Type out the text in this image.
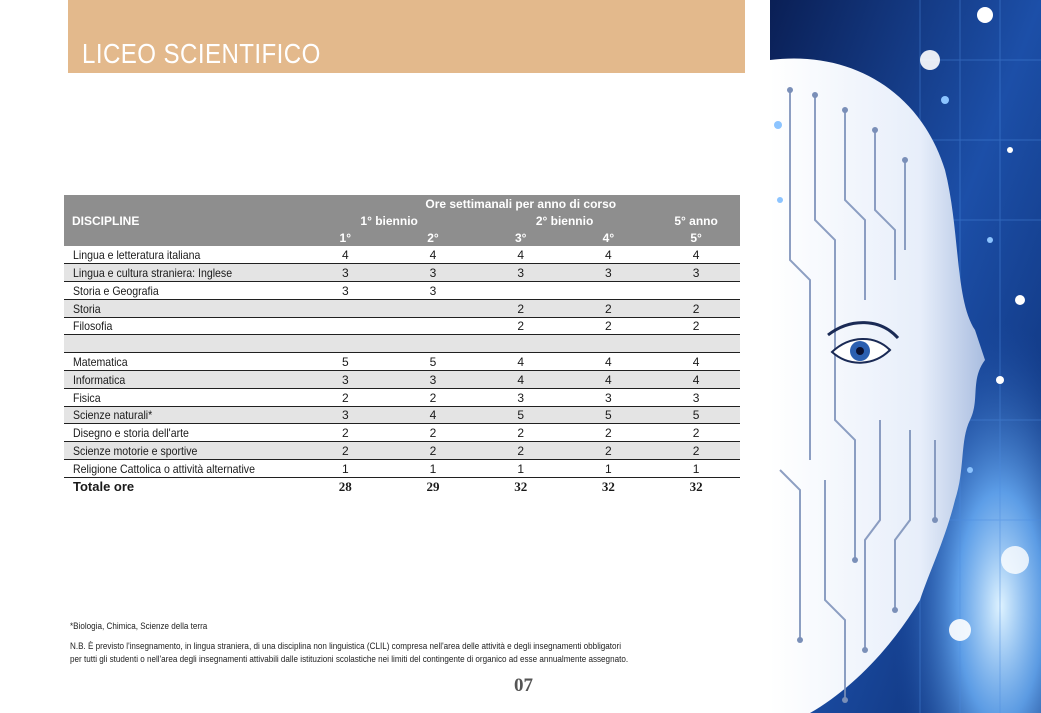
LICEO SCIENTIFICO
DISCIPLINE	Ore settimanali per anno di corso				
	1° biennio		2° biennio		5° anno
	1°	2°	3°	4°	5°
Lingua e letteratura italiana	4	4	4	4	4
Lingua e cultura straniera: Inglese	3	3	3	3	3
Storia e Geografia	3	3			
Storia			2	2	2
Filosofia			2	2	2

Matematica	5	5	4	4	4
Informatica	3	3	4	4	4
Fisica	2	2	3	3	3
Scienze naturali*	3	4	5	5	5
Disegno e storia dell'arte	2	2	2	2	2
Scienze motorie e sportive	2	2	2	2	2
Religione Cattolica o attività alternative	1	1	1	1	1
Totale ore	28	29	32	32	32
*Biologia, Chimica, Scienze della terra
N.B. È previsto l'insegnamento, in lingua straniera, di una disciplina non linguistica (CLIL) compresa nell'area delle attività e degli insegnamenti obbligatori
per tutti gli studenti o nell'area degli insegnamenti attivabili dalle istituzioni scolastiche nei limiti del contingente di organico ad esse annualmente assegnato.
07
